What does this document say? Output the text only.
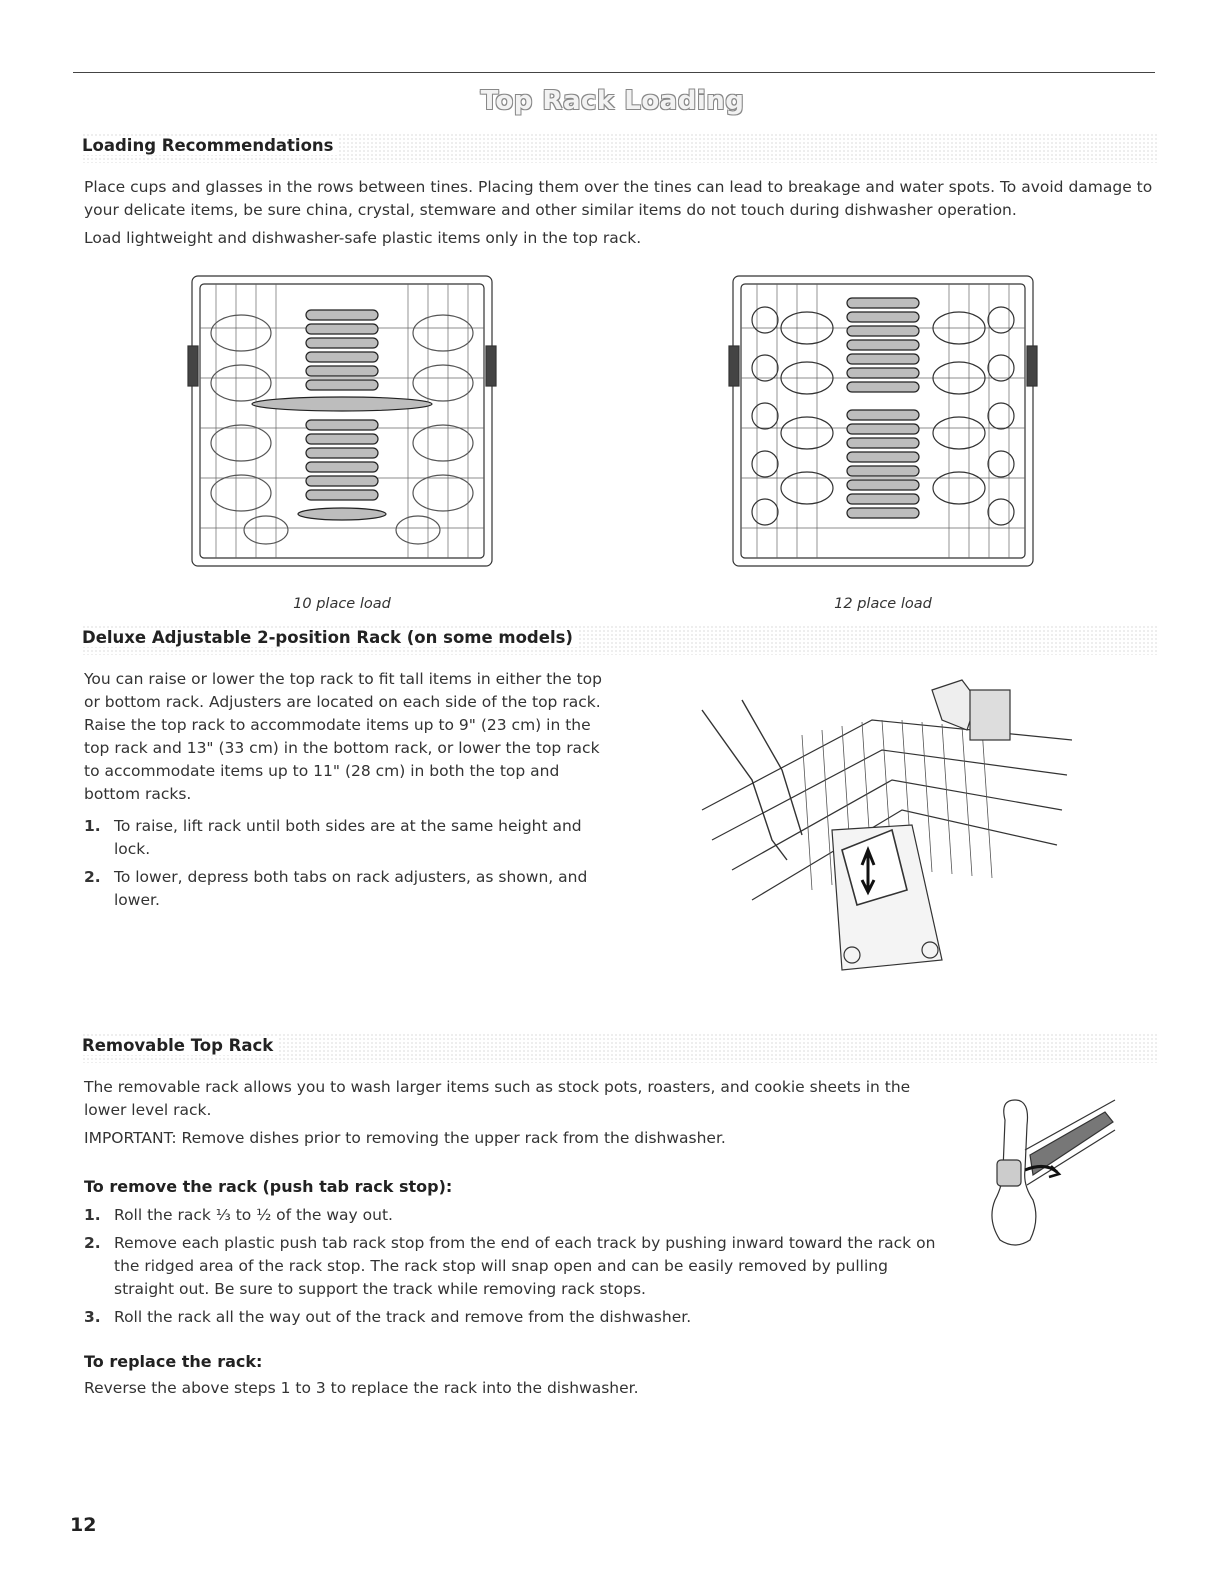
Top Rack Loading
Loading Recommendations

Place cups and glasses in the rows between tines. Placing them over the tines can lead to breakage and water spots. To avoid damage to your delicate items, be sure china, crystal, stemware and other similar items do not touch during dishwasher operation.

Load lightweight and dishwasher-safe plastic items only in the top rack.

10 place load	12 place load
Deluxe Adjustable 2-position Rack (on some models)
You can raise or lower the top rack to fit tall items in either the top or bottom rack. Adjusters are located on each side of the top rack. Raise the top rack to accommodate items up to 9" (23 cm) in the top rack and 13" (33 cm) in the bottom rack, or lower the top rack to accommodate items up to 11" (28 cm) in both the top and bottom racks.
1. To raise, lift rack until both sides are at the same height and lock.
2. To lower, depress both tabs on rack adjusters, as shown, and lower.
Removable Top Rack

The removable rack allows you to wash larger items such as stock pots, roasters, and cookie sheets in the lower level rack.

IMPORTANT: Remove dishes prior to removing the upper rack from the dishwasher.

To remove the rack (push tab rack stop):
1. Roll the rack ⅓ to ½ of the way out.
2. Remove each plastic push tab rack stop from the end of each track by pushing inward toward the rack on the ridged area of the rack stop. The rack stop will snap open and can be easily removed by pulling straight out. Be sure to support the track while removing rack stops.
3. Roll the rack all the way out of the track and remove from the dishwasher.
To replace the rack:
Reverse the above steps 1 to 3 to replace the rack into the dishwasher.
12
